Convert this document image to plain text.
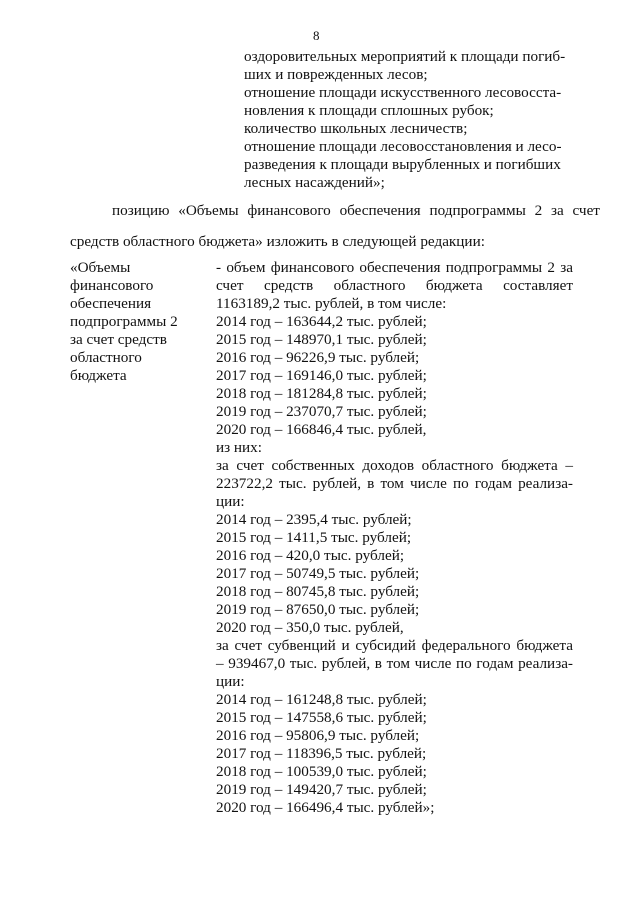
8
оздоровительных мероприятий к площади погиб-
ших и поврежденных лесов;
отношение площади искусственного лесовосста-
новления к площади сплошных рубок;
количество школьных лесничеств;
отношение площади лесовосстановления и лесо-
разведения к площади вырубленных и погибших
лесных насаждений»;
позицию «Объемы финансового обеспечения подпрограммы 2 за счет
средств областного бюджета» изложить в следующей редакции:
«Объемы
финансового
обеспечения
подпрограммы 2
за счет средств
областного
бюджета
- объем финансового обеспечения подпрограммы 2 за
счет средств областного бюджета составляет
1163189,2 тыс. рублей, в том числе:
2014 год – 163644,2 тыс. рублей;
2015 год – 148970,1 тыс. рублей;
2016 год – 96226,9 тыс. рублей;
2017 год – 169146,0 тыс. рублей;
2018 год – 181284,8 тыс. рублей;
2019 год – 237070,7 тыс. рублей;
2020 год – 166846,4 тыс. рублей,
из них:
за счет собственных доходов областного бюджета –
223722,2 тыс. рублей, в том числе по годам реализа-
ции:
2014 год – 2395,4 тыс. рублей;
2015 год – 1411,5 тыс. рублей;
2016 год – 420,0 тыс. рублей;
2017 год – 50749,5 тыс. рублей;
2018 год – 80745,8 тыс. рублей;
2019 год – 87650,0 тыс. рублей;
2020 год – 350,0 тыс. рублей,
за счет субвенций и субсидий федерального бюджета
– 939467,0 тыс. рублей, в том числе по годам реализа-
ции:
2014 год – 161248,8 тыс. рублей;
2015 год – 147558,6 тыс. рублей;
2016 год – 95806,9 тыс. рублей;
2017 год – 118396,5 тыс. рублей;
2018 год – 100539,0 тыс. рублей;
2019 год – 149420,7 тыс. рублей;
2020 год – 166496,4 тыс. рублей»;
